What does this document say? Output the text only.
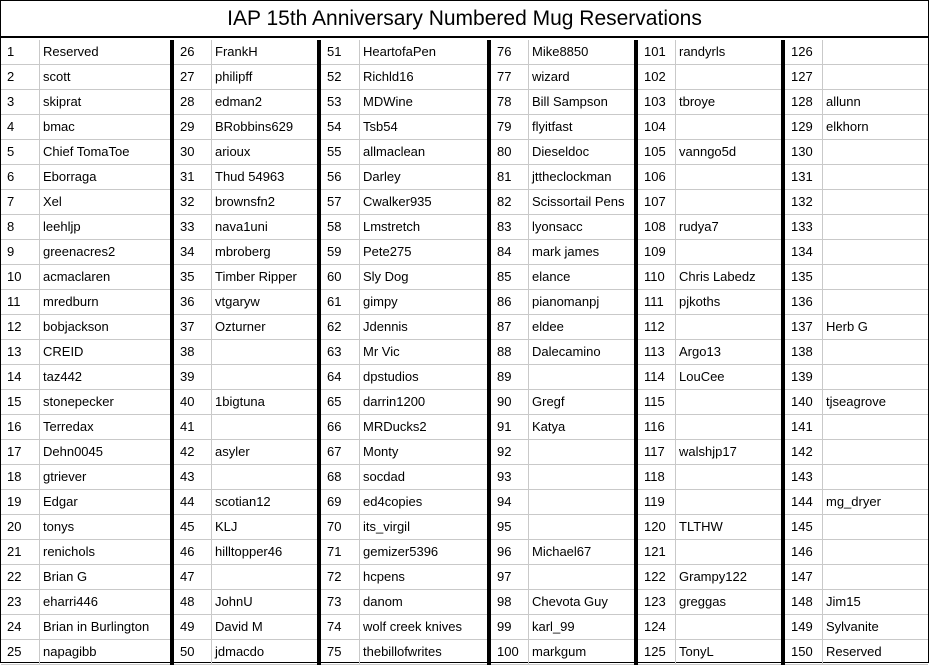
IAP 15th Anniversary Numbered Mug Reservations
1	Reserved
2	scott
3	skiprat
4	bmac
5	Chief TomaToe
6	Eborraga
7	Xel
8	leehljp
9	greenacres2
10	acmaclaren
11	mredburn
12	bobjackson
13	CREID
14	taz442
15	stonepecker
16	Terredax
17	Dehn0045
18	gtriever
19	Edgar
20	tonys
21	renichols
22	Brian G
23	eharri446
24	Brian in Burlington
25	napagibb
26	FrankH
27	philipff
28	edman2
29	BRobbins629
30	arioux
31	Thud 54963
32	brownsfn2
33	nava1uni
34	mbroberg
35	Timber Ripper
36	vtgaryw
37	Ozturner
38
39
40	1bigtuna
41
42	asyler
43
44	scotian12
45	KLJ
46	hilltopper46
47
48	JohnU
49	David M
50	jdmacdo
51	HeartofaPen
52	Richld16
53	MDWine
54	Tsb54
55	allmaclean
56	Darley
57	Cwalker935
58	Lmstretch
59	Pete275
60	Sly Dog
61	gimpy
62	Jdennis
63	Mr Vic
64	dpstudios
65	darrin1200
66	MRDucks2
67	Monty
68	socdad
69	ed4copies
70	its_virgil
71	gemizer5396
72	hcpens
73	danom
74	wolf creek knives
75	thebillofwrites
76	Mike8850
77	wizard
78	Bill Sampson
79	flyitfast
80	Dieseldoc
81	jttheclockman
82	Scissortail Pens
83	lyonsacc
84	mark james
85	elance
86	pianomanpj
87	eldee
88	Dalecamino
89
90	Gregf
91	Katya
92
93
94
95
96	Michael67
97
98	Chevota Guy
99	karl_99
100	markgum
101	randyrls
102
103	tbroye
104
105	vanngo5d
106
107
108	rudya7
109
110	Chris Labedz
111	pjkoths
112
113	Argo13
114	LouCee
115
116
117	walshjp17
118
119
120	TLTHW
121
122	Grampy122
123	greggas
124
125	TonyL
126
127
128	allunn
129	elkhorn
130
131
132
133
134
135
136
137	Herb G
138
139
140	tjseagrove
141
142
143
144	mg_dryer
145
146
147
148	Jim15
149	Sylvanite
150	Reserved
